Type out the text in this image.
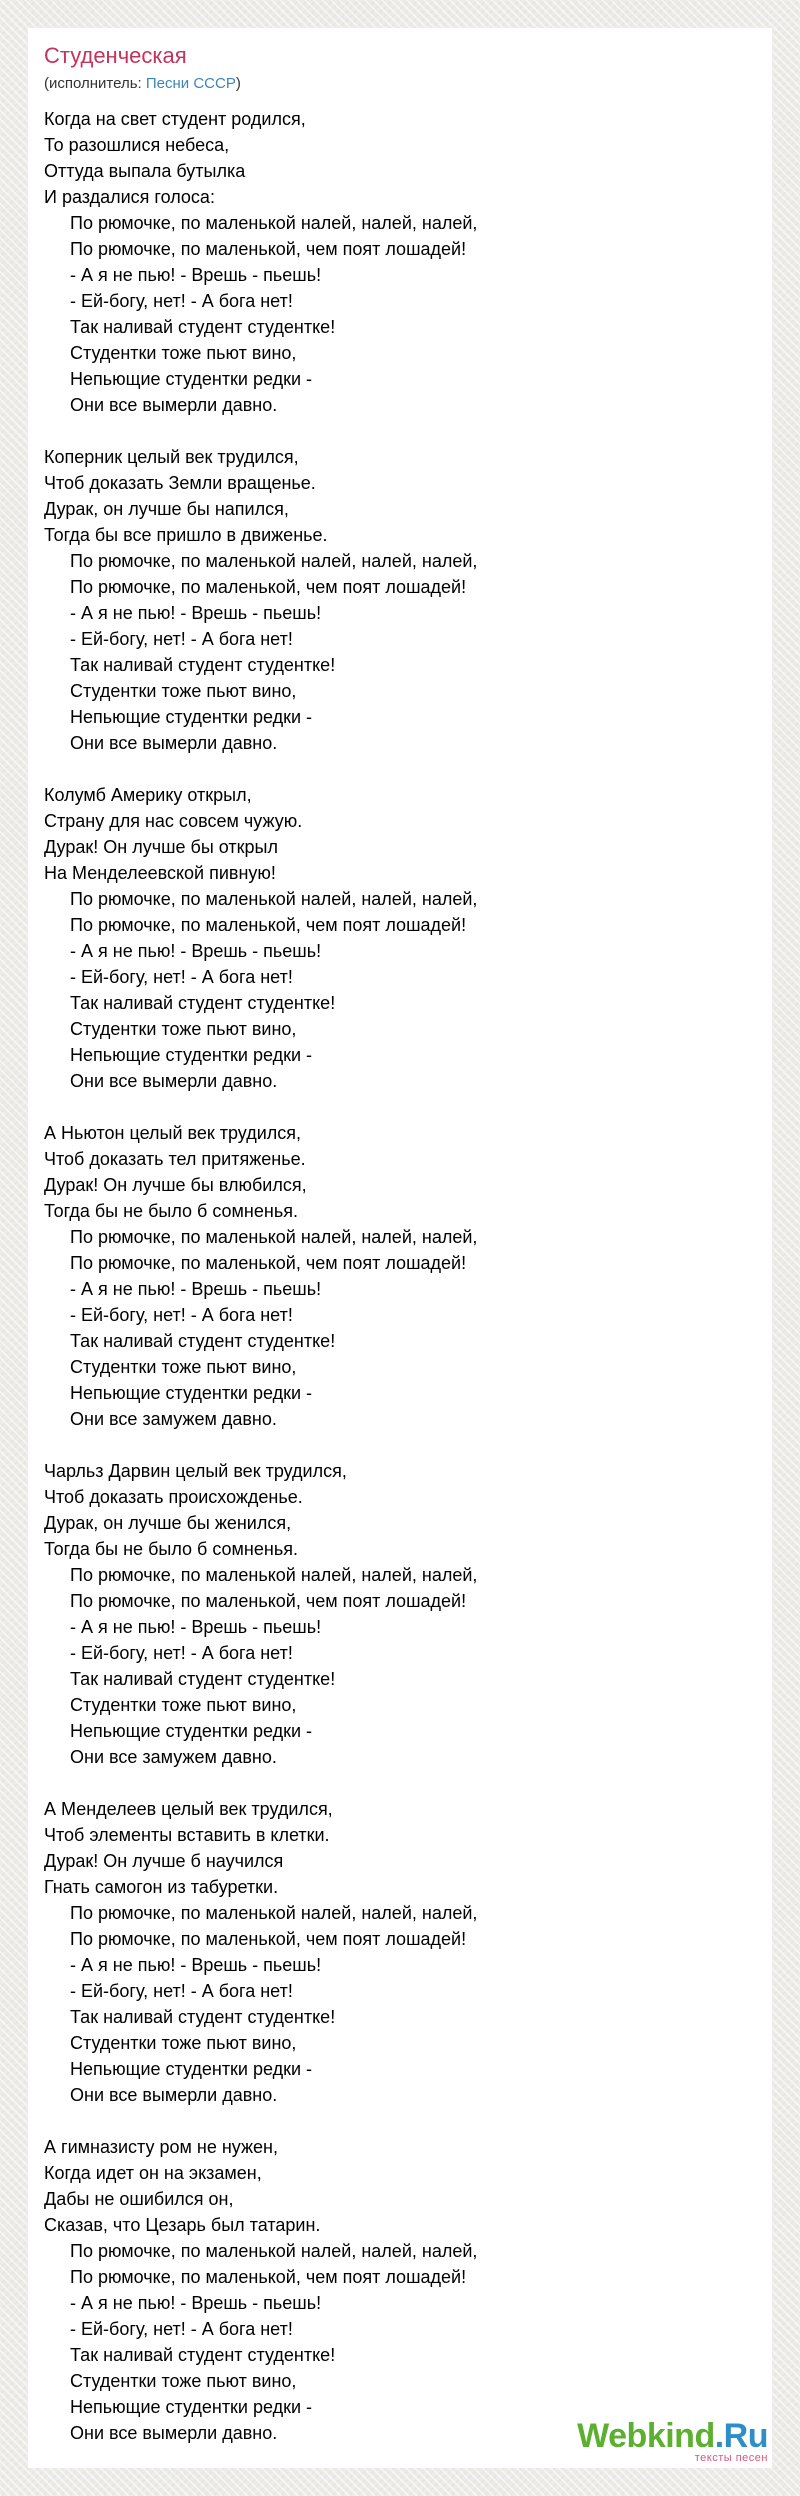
Студенческая
(исполнитель: Песни СССР)
Когда на свет студент родился,
То разошлися небеса,
Оттуда выпала бутылка
И раздалися голоса:
По рюмочке, по маленькой налей, налей, налей,
По рюмочке, по маленькой, чем поят лошадей!
- А я не пью! - Врешь - пьешь!
- Ей-богу, нет! - А бога нет!
Так наливай студент студентке!
Студентки тоже пьют вино,
Непьющие студентки редки -
Они все вымерли давно.
Коперник целый век трудился,
Чтоб доказать Земли вращенье.
Дурак, он лучше бы напился,
Тогда бы все пришло в движенье.
По рюмочке, по маленькой налей, налей, налей,
По рюмочке, по маленькой, чем поят лошадей!
- А я не пью! - Врешь - пьешь!
- Ей-богу, нет! - А бога нет!
Так наливай студент студентке!
Студентки тоже пьют вино,
Непьющие студентки редки -
Они все вымерли давно.
Колумб Америку открыл,
Страну для нас совсем чужую.
Дурак! Он лучше бы открыл
На Менделеевской пивную!
По рюмочке, по маленькой налей, налей, налей,
По рюмочке, по маленькой, чем поят лошадей!
- А я не пью! - Врешь - пьешь!
- Ей-богу, нет! - А бога нет!
Так наливай студент студентке!
Студентки тоже пьют вино,
Непьющие студентки редки -
Они все вымерли давно.
А Ньютон целый век трудился,
Чтоб доказать тел притяженье.
Дурак! Он лучше бы влюбился,
Тогда бы не было б сомненья.
По рюмочке, по маленькой налей, налей, налей,
По рюмочке, по маленькой, чем поят лошадей!
- А я не пью! - Врешь - пьешь!
- Ей-богу, нет! - А бога нет!
Так наливай студент студентке!
Студентки тоже пьют вино,
Непьющие студентки редки -
Они все замужем давно.
Чарльз Дарвин целый век трудился,
Чтоб доказать происхожденье.
Дурак, он лучше бы женился,
Тогда бы не было б сомненья.
По рюмочке, по маленькой налей, налей, налей,
По рюмочке, по маленькой, чем поят лошадей!
- А я не пью! - Врешь - пьешь!
- Ей-богу, нет! - А бога нет!
Так наливай студент студентке!
Студентки тоже пьют вино,
Непьющие студентки редки -
Они все замужем давно.
А Менделеев целый век трудился,
Чтоб элементы вставить в клетки.
Дурак! Он лучше б научился
Гнать самогон из табуретки.
По рюмочке, по маленькой налей, налей, налей,
По рюмочке, по маленькой, чем поят лошадей!
- А я не пью! - Врешь - пьешь!
- Ей-богу, нет! - А бога нет!
Так наливай студент студентке!
Студентки тоже пьют вино,
Непьющие студентки редки -
Они все вымерли давно.
А гимназисту ром не нужен,
Когда идет он на экзамен,
Дабы не ошибился он,
Сказав, что Цезарь был татарин.
По рюмочке, по маленькой налей, налей, налей,
По рюмочке, по маленькой, чем поят лошадей!
- А я не пью! - Врешь - пьешь!
- Ей-богу, нет! - А бога нет!
Так наливай студент студентке!
Студентки тоже пьют вино,
Непьющие студентки редки -
Они все вымерли давно.	Webkind.Ru
тексты песен
